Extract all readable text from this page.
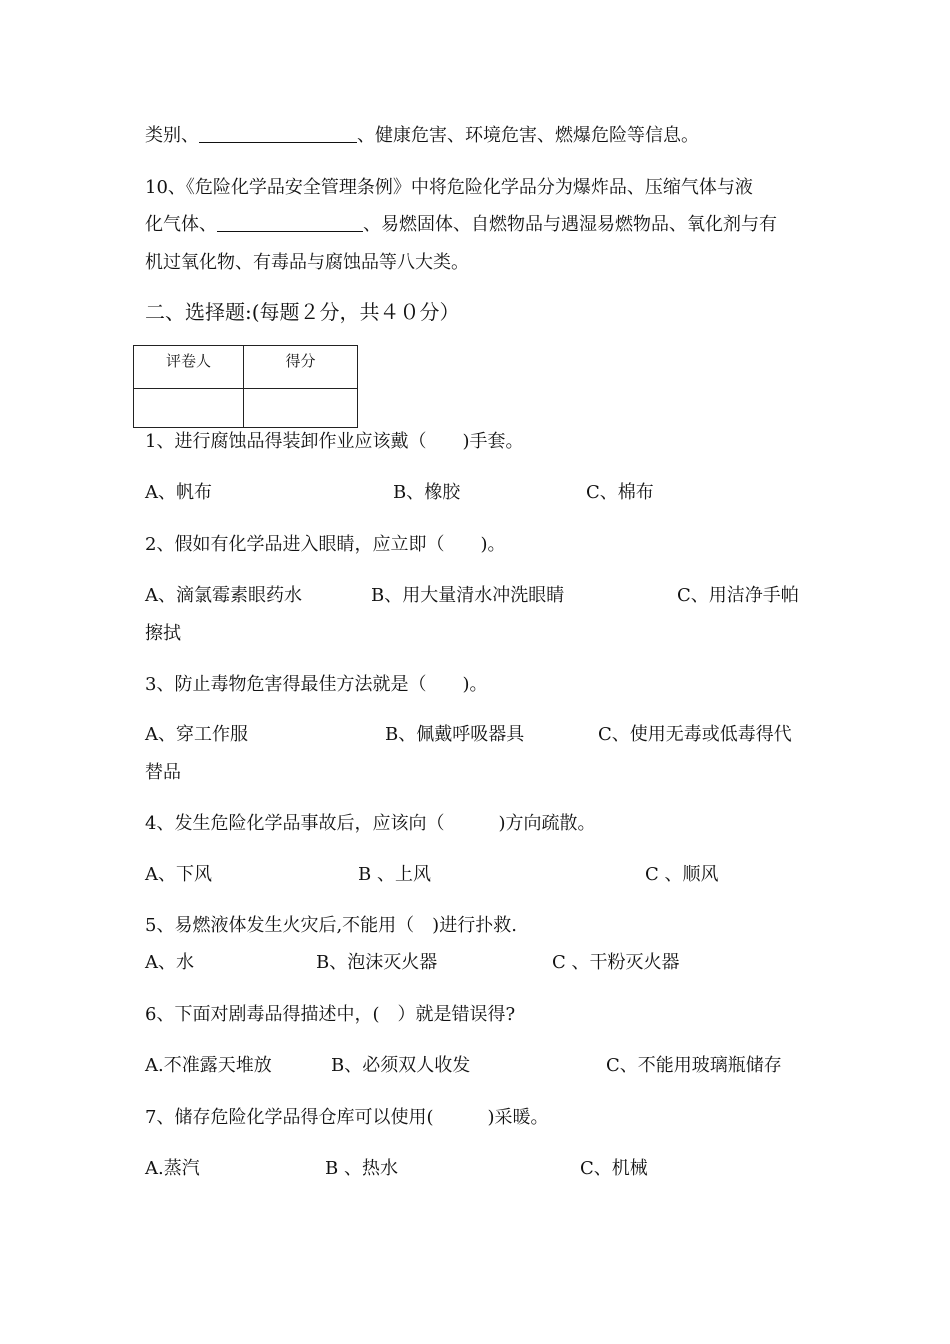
类别、	、健康危害、环境危害、燃爆危险等信息。
10、《危险化学品安全管理条例》中将危险化学品分为爆炸品、压缩气体与液
化气体、	、易燃固体、自燃物品与遇湿易燃物品、氧化剂与有
机过氧化物、有毒品与腐蚀品等八大类。
二、选择题:(每题２分，共４０分）
评卷人	得分

1、进行腐蚀品得装卸作业应该戴（　　)手套。
A、帆布	B、橡胶	C、棉布
2、假如有化学品进入眼睛，应立即（　　)。
A、滴氯霉素眼药水	B、用大量清水冲洗眼睛	C、用洁净手帕
擦拭
3、防止毒物危害得最佳方法就是（　　)。
A、穿工作服	B、佩戴呼吸器具	C、使用无毒或低毒得代
替品
4、发生危险化学品事故后，应该向（　　　)方向疏散。
A、下风	B 、上风	C 、顺风
5、易燃液体发生火灾后,不能用（　)进行扑救.
A、水	B、泡沫灭火器	C 、干粉灭火器
6、下面对剧毒品得描述中，(　）就是错误得?
A.不准露天堆放	B、必须双人收发	C、不能用玻璃瓶储存
7、储存危险化学品得仓库可以使用(　　　)采暖。
A.蒸汽	B 、热水	C、机械
